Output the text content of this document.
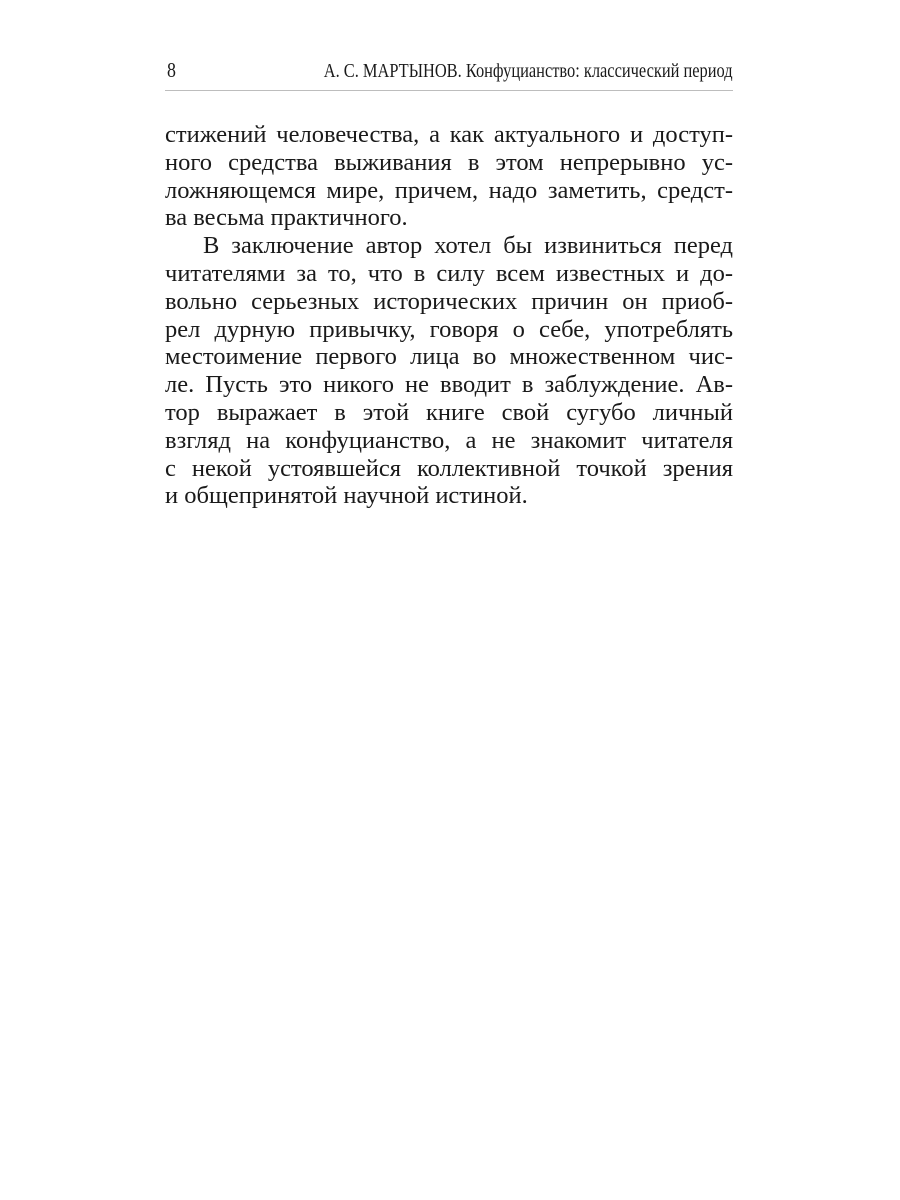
8	А. С. МАРТЫНОВ. Конфуцианство: классический период
стижений человечества, а как актуального и доступ-
ного средства выживания в этом непрерывно ус-
ложняющемся мире, причем, надо заметить, средст-
ва весьма практичного.
В заключение автор хотел бы извиниться перед
читателями за то, что в силу всем известных и до-
вольно серьезных исторических причин он приоб-
рел дурную привычку, говоря о себе, употреблять
местоимение первого лица во множественном чис-
ле. Пусть это никого не вводит в заблуждение. Ав-
тор выражает в этой книге свой сугубо личный
взгляд на конфуцианство, а не знакомит читателя
с некой устоявшейся коллективной точкой зрения
и общепринятой научной истиной.
